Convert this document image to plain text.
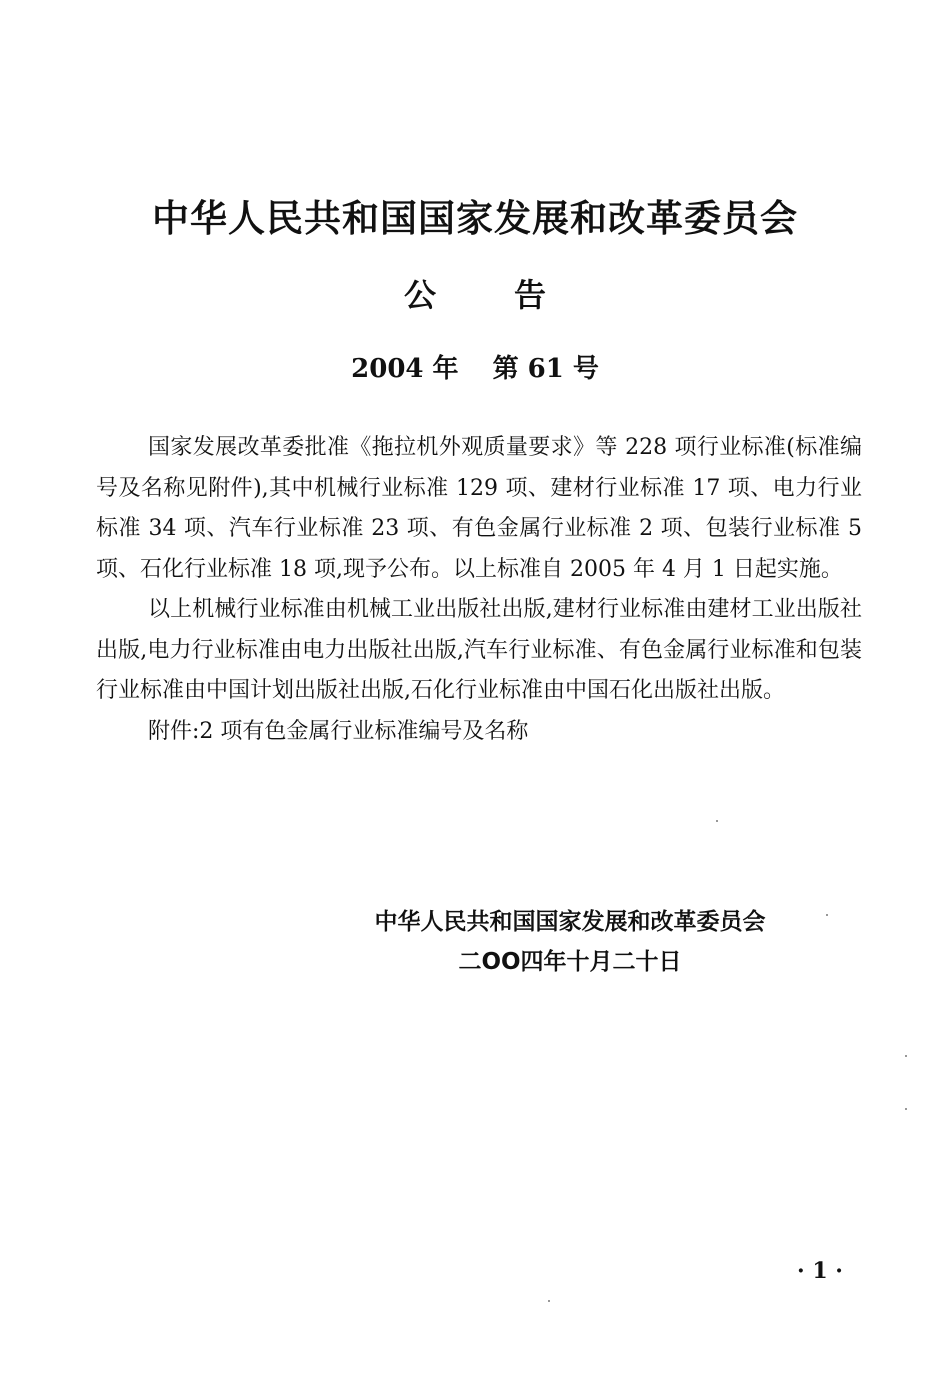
中华人民共和国国家发展和改革委员会
公告
2004 年 第 61 号

国家发展改革委批准《拖拉机外观质量要求》等 228 项行业标准(标准编号及名称见附件),其中机械行业标准 129 项、建材行业标准 17 项、电力行业标准 34 项、汽车行业标准 23 项、有色金属行业标准 2 项、包装行业标准 5 项、石化行业标准 18 项,现予公布。以上标准自 2005 年 4 月 1 日起实施。

以上机械行业标准由机械工业出版社出版,建材行业标准由建材工业出版社出版,电力行业标准由电力出版社出版,汽车行业标准、有色金属行业标准和包装行业标准由中国计划出版社出版,石化行业标准由中国石化出版社出版。

附件:2 项有色金属行业标准编号及名称

中华人民共和国国家发展和改革委员会
二OO四年十月二十日
· 1 ·
